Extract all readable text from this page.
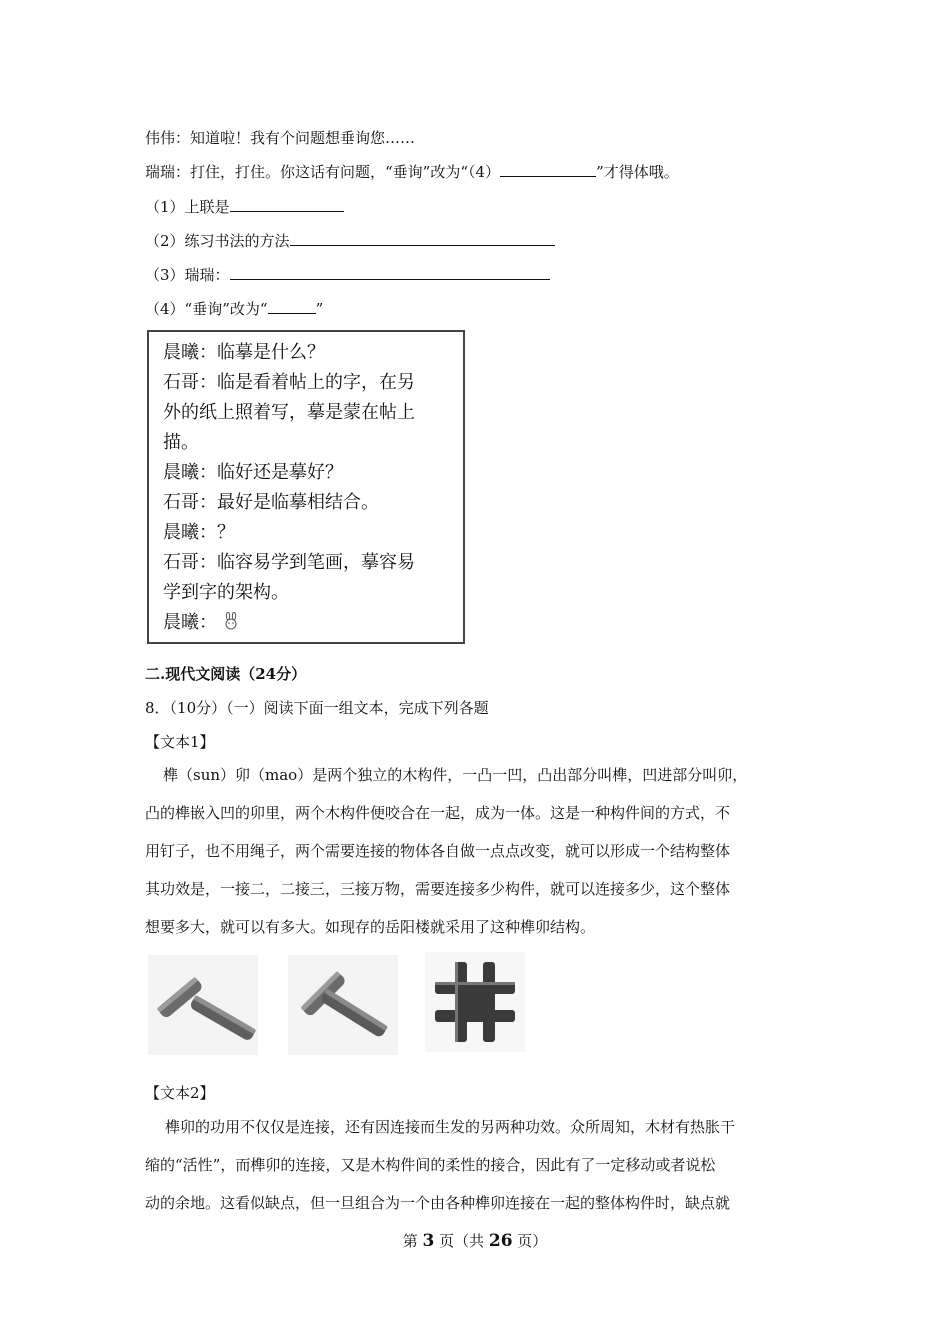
伟伟：知道啦！我有个问题想垂询您……
瑞瑞：打住，打住。你这话有问题，“垂询”改为“（4）	”才得体哦。
（1）上联是
（2）练习书法的方法
（3）瑞瑞：
（4）“垂询”改为“	”
晨曦：临摹是什么？
石哥：临是看着帖上的字，在另
外的纸上照着写，摹是蒙在帖上
描。
晨曦：临好还是摹好？
石哥：最好是临摹相结合。
晨曦：？
石哥：临容易学到笔画，摹容易
学到字的架构。
晨曦：
二.现代文阅读（24分）
8．（10分）（一）阅读下面一组文本，完成下列各题
【文本1】
榫（sun）卯（mao）是两个独立的木构件，一凸一凹，凸出部分叫榫，凹进部分叫卯，
凸的榫嵌入凹的卯里，两个木构件便咬合在一起，成为一体。这是一种构件间的方式，不
用钉子，也不用绳子，两个需要连接的物体各自做一点点改变，就可以形成一个结构整体
其功效是，一接二，二接三，三接万物，需要连接多少构件，就可以连接多少，这个整体
想要多大，就可以有多大。如现存的岳阳楼就采用了这种榫卯结构。
【文本2】
榫卯的功用不仅仅是连接，还有因连接而生发的另两种功效。众所周知，木材有热胀干
缩的“活性”，而榫卯的连接，又是木构件间的柔性的接合，因此有了一定移动或者说松
动的余地。这看似缺点，但一旦组合为一个由各种榫卯连接在一起的整体构件时，缺点就
第 3 页（共 26 页）
